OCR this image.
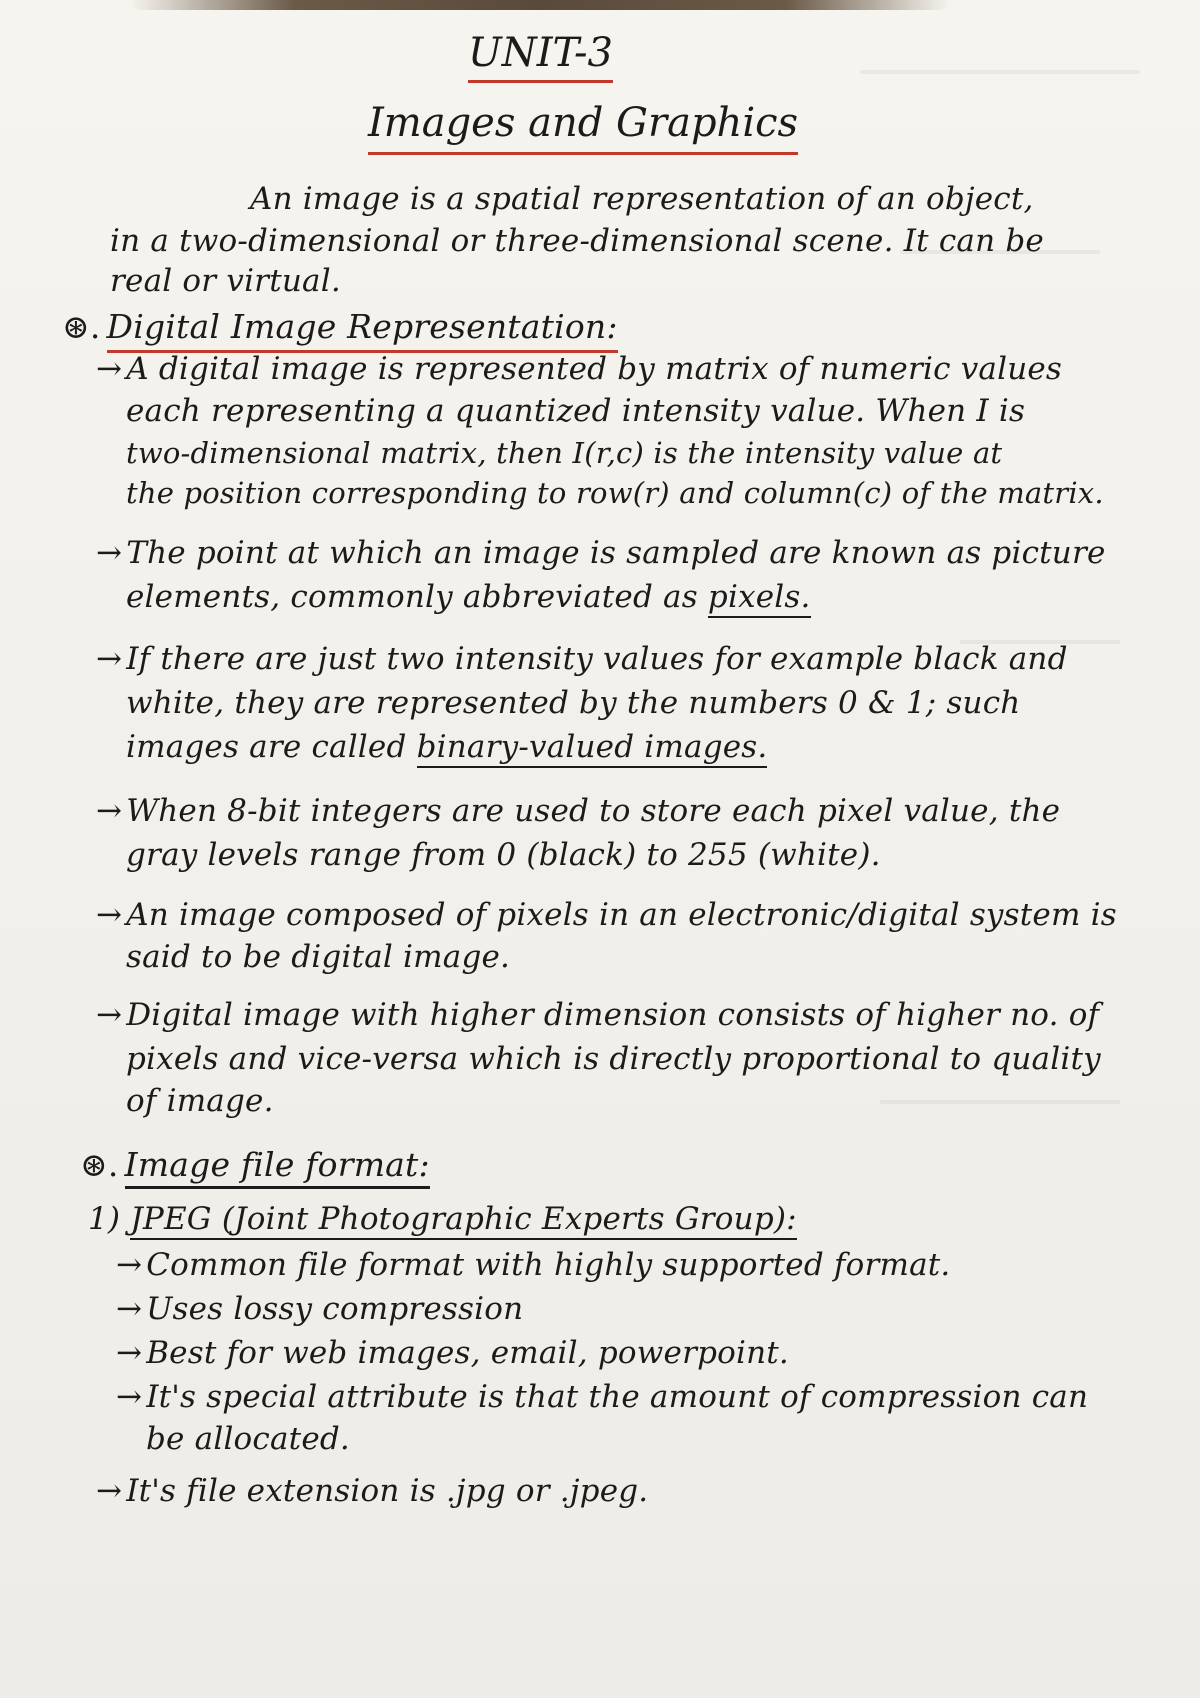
UNIT-3
Images and Graphics
An image is a spatial representation of an object,
in a two-dimensional or three-dimensional scene. It can be
real or virtual.
⊛. Digital Image Representation:
→ A digital image is represented by matrix of numeric values
each representing a quantized intensity value. When I is
two-dimensional matrix, then I(r,c) is the intensity value at
the position corresponding to row(r) and column(c) of the matrix.
→ The point at which an image is sampled are known as picture
elements, commonly abbreviated as pixels.
→ If there are just two intensity values for example black and
white, they are represented by the numbers 0 & 1; such
images are called binary-valued images.
→ When 8-bit integers are used to store each pixel value, the
gray levels range from 0 (black) to 255 (white).
→ An image composed of pixels in an electronic/digital system is
said to be digital image.
→ Digital image with higher dimension consists of higher no. of
pixels and vice-versa which is directly proportional to quality
of image.
⊛. Image file format:
1) JPEG (Joint Photographic Experts Group):
→ Common file format with highly supported format.
→ Uses lossy compression
→ Best for web images, email, powerpoint.
→ It's special attribute is that the amount of compression can
be allocated.
→ It's file extension is .jpg or .jpeg.
